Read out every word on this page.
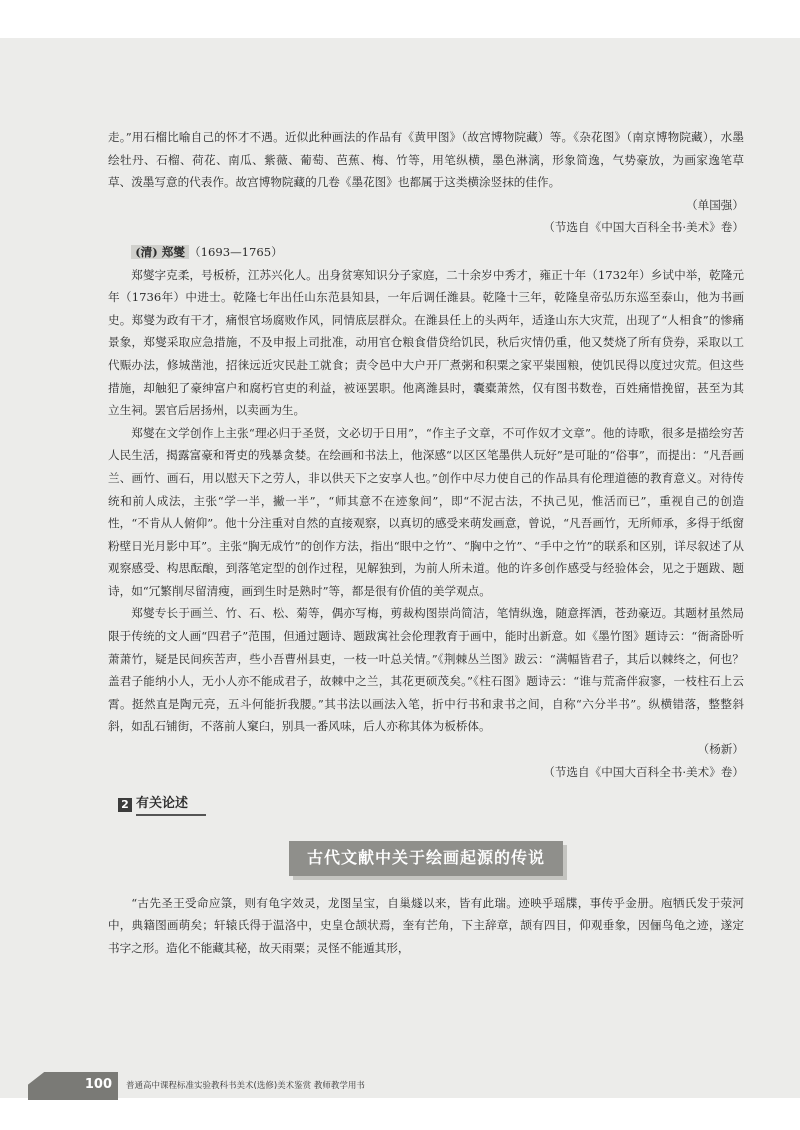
走。”用石榴比喻自己的怀才不遇。近似此种画法的作品有《黄甲图》（故宫博物院藏）等。《杂花图》（南京博物院藏），水墨绘牡丹、石榴、荷花、南瓜、紫薇、葡萄、芭蕉、梅、竹等，用笔纵横，墨色淋漓，形象简逸，气势豪放，为画家逸笔草草、泼墨写意的代表作。故宫博物院藏的几卷《墨花图》也都属于这类横涂竖抹的佳作。

（单国强）

（节选自《中国大百科全书·美术》卷）

(清) 郑燮 （1693—1765）

郑燮字克柔，号板桥，江苏兴化人。出身贫寒知识分子家庭，二十余岁中秀才，雍正十年（1732年）乡试中举，乾隆元年（1736年）中进士。乾隆七年出任山东范县知县，一年后调任潍县。乾隆十三年，乾隆皇帝弘历东巡至泰山，他为书画史。郑燮为政有干才，痛恨官场腐败作风，同情底层群众。在潍县任上的头两年，适逢山东大灾荒，出现了“人相食”的惨痛景象，郑燮采取应急措施，不及申报上司批准，动用官仓粮食借贷给饥民，秋后灾情仍重，他又焚烧了所有贷券，采取以工代赈办法，修城凿池，招徕远近灾民赴工就食；责令邑中大户开厂煮粥和积粟之家平粜囤粮，使饥民得以度过灾荒。但这些措施，却触犯了豪绅富户和腐朽官吏的利益，被诬罢职。他离潍县时，囊橐萧然，仅有图书数卷，百姓痛惜挽留，甚至为其立生祠。罢官后居扬州，以卖画为生。

郑燮在文学创作上主张“理必归于圣贤，文必切于日用”，“作主子文章，不可作奴才文章”。他的诗歌，很多是描绘穷苦人民生活，揭露富豪和胥吏的残暴贪婪。在绘画和书法上，他深感“以区区笔墨供人玩好”是可耻的“俗事”，而提出：“凡吾画兰、画竹、画石，用以慰天下之劳人，非以供天下之安享人也。”创作中尽力使自己的作品具有伦理道德的教育意义。对待传统和前人成法，主张“学一半，撇一半”，“师其意不在迹象间”，即“不泥古法，不执己见，惟活而已”，重视自己的创造性，“不肯从人俯仰”。他十分注重对自然的直接观察，以真切的感受来萌发画意，曾说，“凡吾画竹，无所师承，多得于纸窗粉壁日光月影中耳”。主张“胸无成竹”的创作方法，指出“眼中之竹”、“胸中之竹”、“手中之竹”的联系和区别，详尽叙述了从观察感受、构思酝酿，到落笔定型的创作过程，见解独到，为前人所未道。他的许多创作感受与经验体会，见之于题跋、题诗，如“冗繁削尽留清瘦，画到生时是熟时”等，都是很有价值的美学观点。

郑燮专长于画兰、竹、石、松、菊等，偶亦写梅，剪裁构图崇尚简洁，笔情纵逸，随意挥洒，苍劲豪迈。其题材虽然局限于传统的文人画“四君子”范围，但通过题诗、题跋寓社会伦理教育于画中，能时出新意。如《墨竹图》题诗云：“衙斋卧听萧萧竹，疑是民间疾苦声，些小吾曹州县吏，一枝一叶总关情。”《荆棘丛兰图》跋云：“满幅皆君子，其后以棘终之，何也？盖君子能纳小人，无小人亦不能成君子，故棘中之兰，其花更硕茂矣。”《柱石图》题诗云：“谁与荒斋伴寂寥，一枝柱石上云霄。挺然直是陶元亮，五斗何能折我腰。”其书法以画法入笔，折中行书和隶书之间，自称“六分半书”。纵横错落，整整斜斜，如乱石铺街，不落前人窠臼，别具一番风味，后人亦称其体为板桥体。

（杨新）

（节选自《中国大百科全书·美术》卷）

2 有关论述
古代文献中关于绘画起源的传说

“古先圣王受命应箓，则有龟字效灵，龙图呈宝，自巢燧以来，皆有此瑞。迹映乎瑶牒，事传乎金册。庖牺氏发于荥河中，典籍图画萌矣；轩辕氏得于温洛中，史皇仓颉状焉，奎有芒角，下主辞章，颉有四目，仰观垂象，因俪鸟龟之迹，遂定书字之形。造化不能藏其秘，故天雨粟；灵怪不能遁其形，

100 普通高中课程标准实验教科书美术(选修)美术鉴赏 教师教学用书
